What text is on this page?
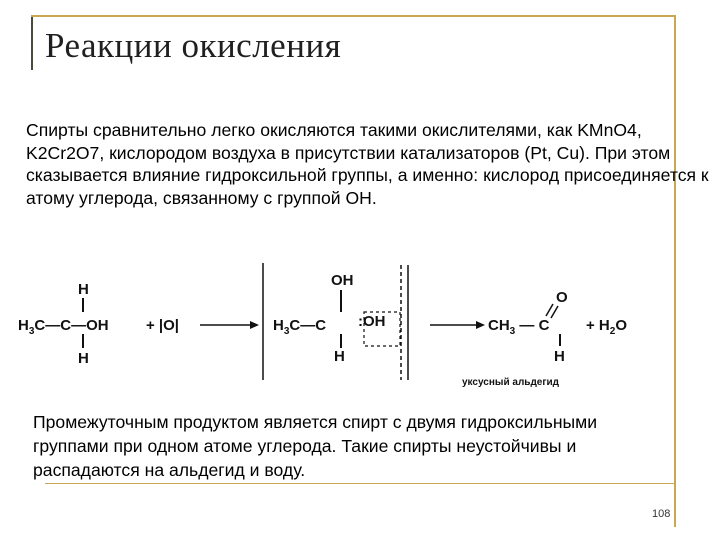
Реакции окисления

Спирты сравнительно легко окисляются такими окислителями, как KMnO4, K2Cr2O7, кислородом воздуха в присутствии катализаторов (Pt, Cu). При этом сказывается влияние гидроксильной группы, а именно: кислород присоединяется к атому углерода, связанному с группой ОН.

H
$H_3C—C—OH$
H
+ |O|
OH
$H_3C—C$ :OH
H
O
$CH_3$ — C
H
+ $H_2O$
уксусный альдегид

Промежуточным продуктом является спирт с двумя гидроксильными группами при одном атоме углерода. Такие спирты неустойчивы и распадаются на альдегид и воду.

108
